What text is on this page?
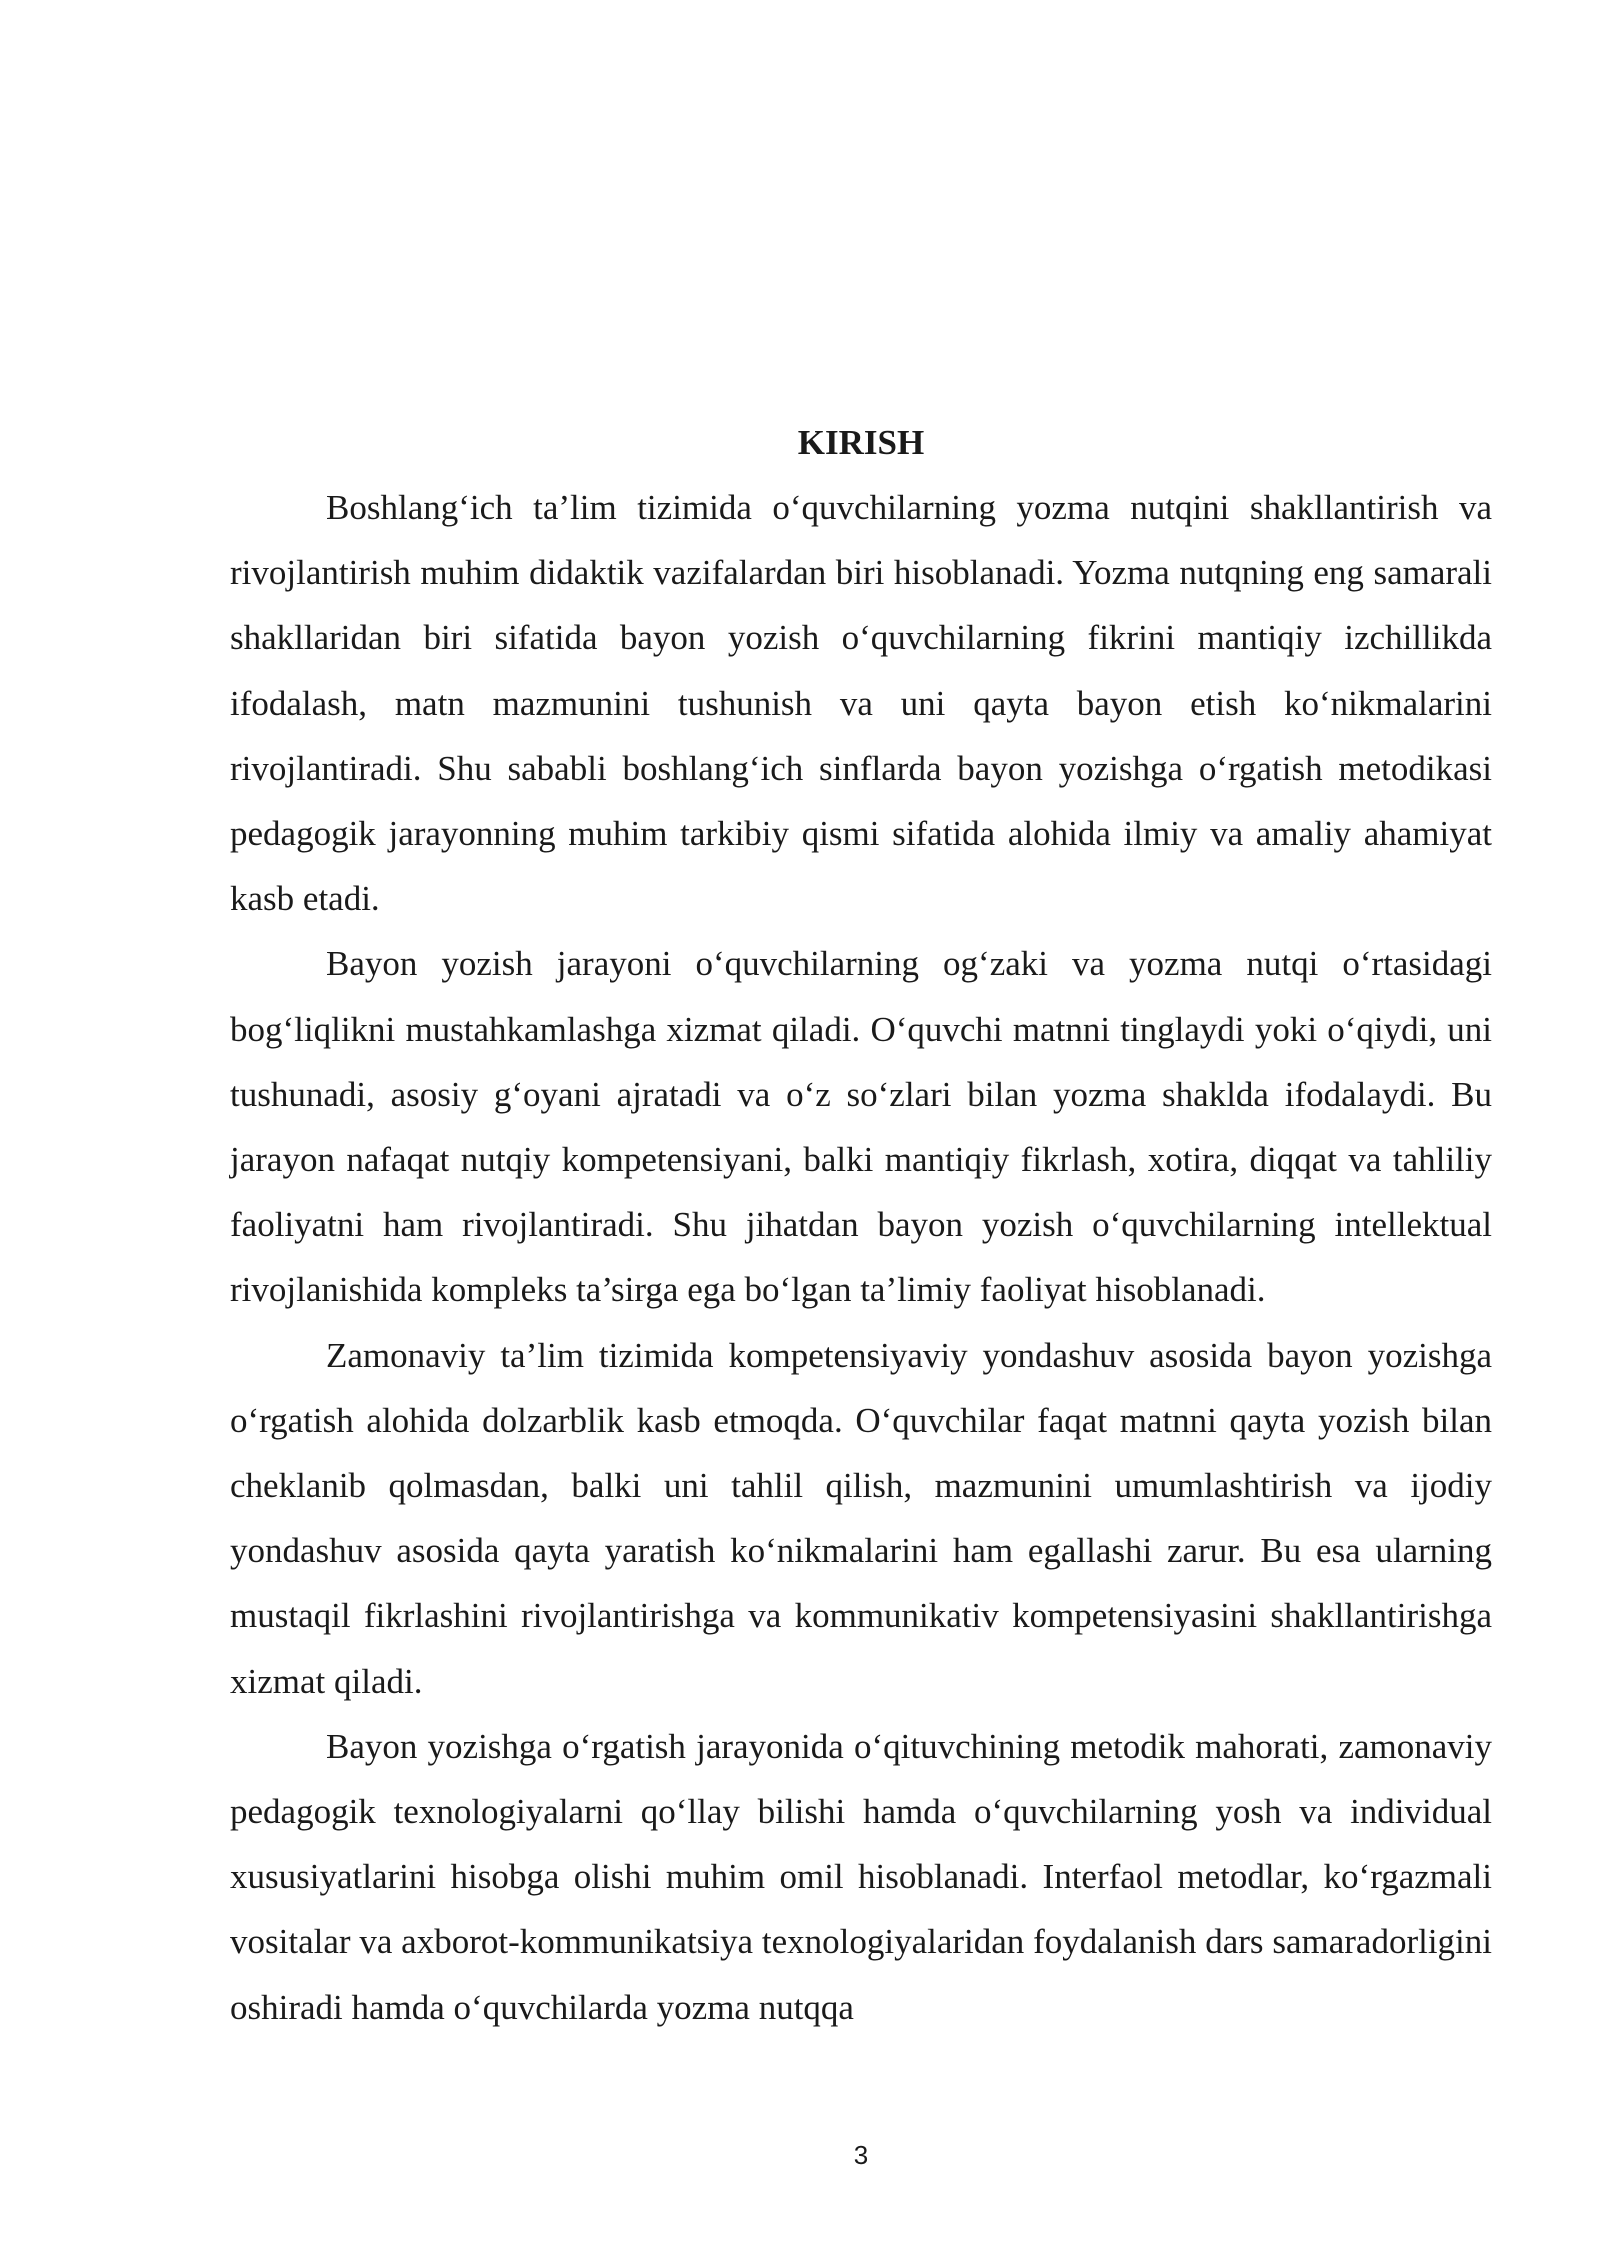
KIRISH

Boshlang‘ich ta’lim tizimida o‘quvchilarning yozma nutqini shakllantirish va rivojlantirish muhim didaktik vazifalardan biri hisoblanadi. Yozma nutqning eng samarali shakllaridan biri sifatida bayon yozish o‘quvchilarning fikrini mantiqiy izchillikda ifodalash, matn mazmunini tushunish va uni qayta bayon etish ko‘nikmalarini rivojlantiradi. Shu sababli boshlang‘ich sinflarda bayon yozishga o‘rgatish metodikasi pedagogik jarayonning muhim tarkibiy qismi sifatida alohida ilmiy va amaliy ahamiyat kasb etadi.

Bayon yozish jarayoni o‘quvchilarning og‘zaki va yozma nutqi o‘rtasidagi bog‘liqlikni mustahkamlashga xizmat qiladi. O‘quvchi matnni tinglaydi yoki o‘qiydi, uni tushunadi, asosiy g‘oyani ajratadi va o‘z so‘zlari bilan yozma shaklda ifodalaydi. Bu jarayon nafaqat nutqiy kompetensiyani, balki mantiqiy fikrlash, xotira, diqqat va tahliliy faoliyatni ham rivojlantiradi. Shu jihatdan bayon yozish o‘quvchilarning intellektual rivojlanishida kompleks ta’sirga ega bo‘lgan ta’limiy faoliyat hisoblanadi.

Zamonaviy ta’lim tizimida kompetensiyaviy yondashuv asosida bayon yozishga o‘rgatish alohida dolzarblik kasb etmoqda. O‘quvchilar faqat matnni qayta yozish bilan cheklanib qolmasdan, balki uni tahlil qilish, mazmunini umumlashtirish va ijodiy yondashuv asosida qayta yaratish ko‘nikmalarini ham egallashi zarur. Bu esa ularning mustaqil fikrlashini rivojlantirishga va kommunikativ kompetensiyasini shakllantirishga xizmat qiladi.

Bayon yozishga o‘rgatish jarayonida o‘qituvchining metodik mahorati, zamonaviy pedagogik texnologiyalarni qo‘llay bilishi hamda o‘quvchilarning yosh va individual xususiyatlarini hisobga olishi muhim omil hisoblanadi. Interfaol metodlar, ko‘rgazmali vositalar va axborot-kommunikatsiya texnologiyalaridan foydalanish dars samaradorligini oshiradi hamda o‘quvchilarda yozma nutqqa

3
